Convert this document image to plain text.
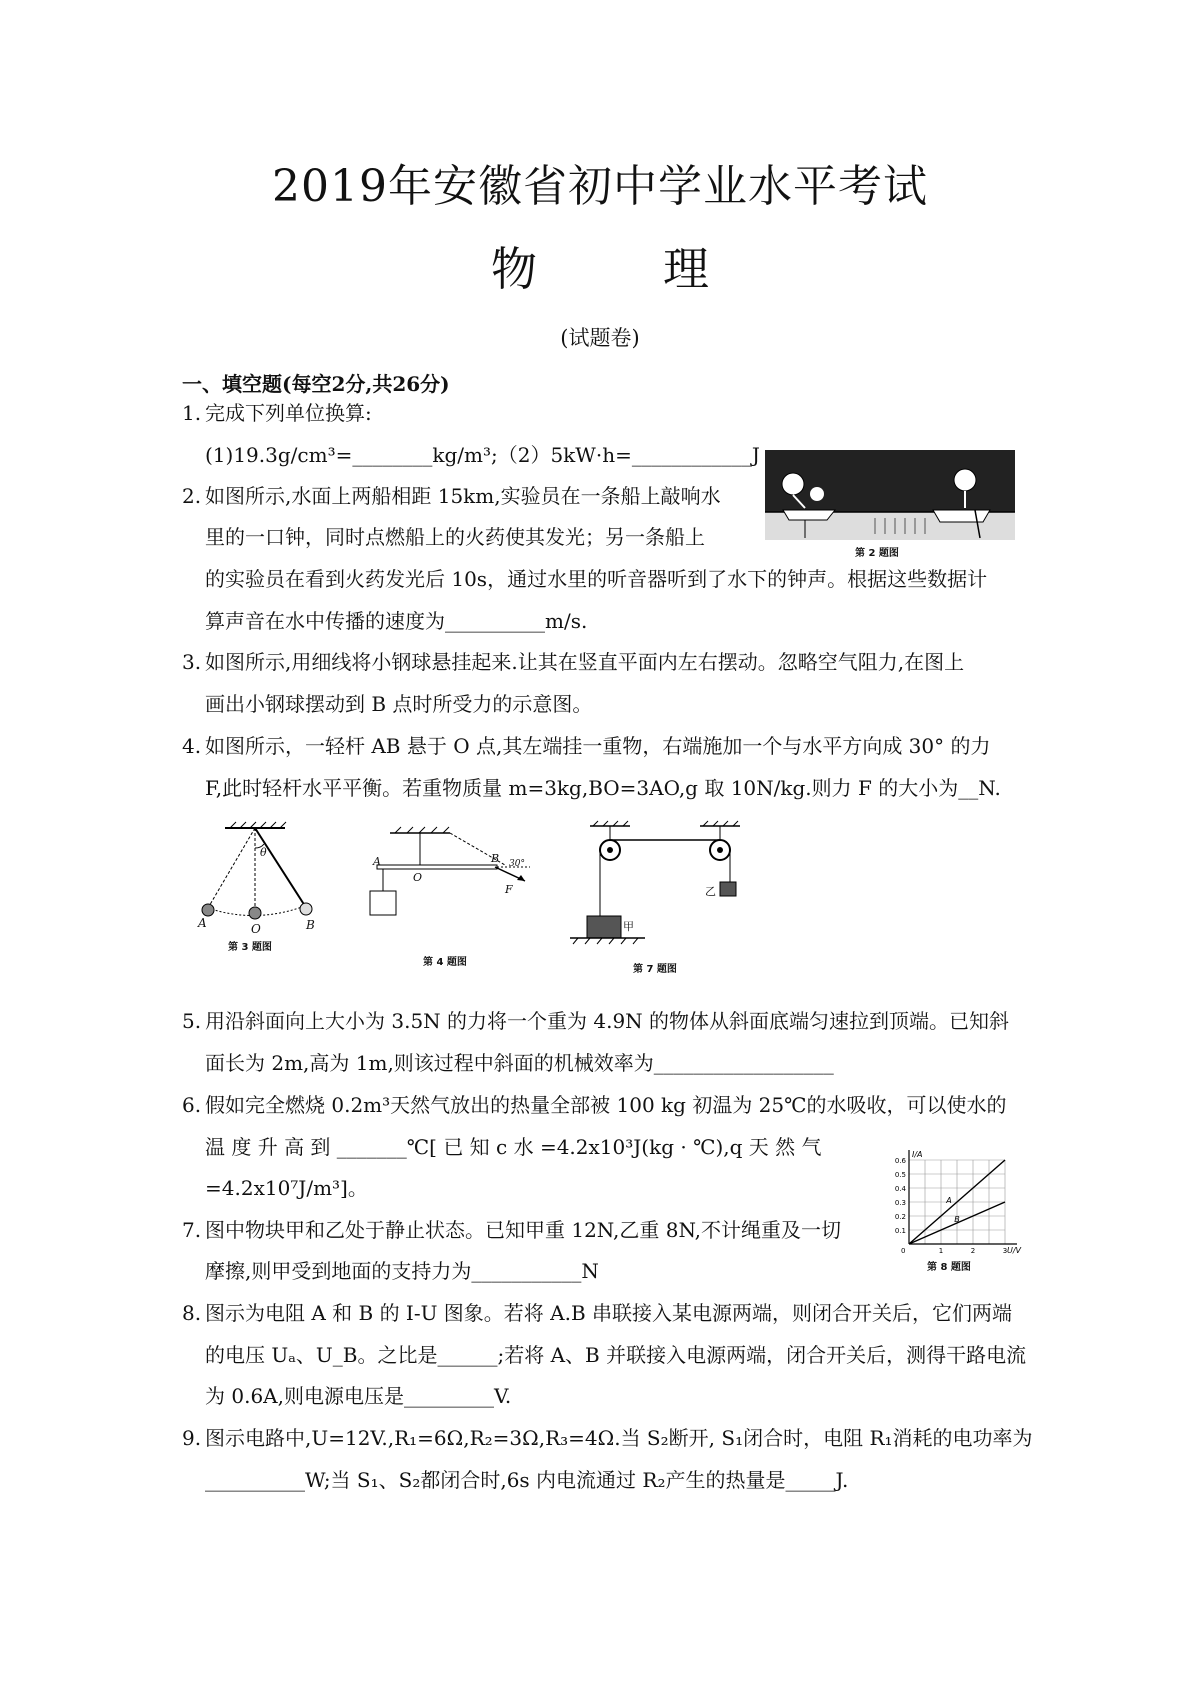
2019年安徽省初中学业水平考试
物　理
(试题卷)
一、填空题(每空2分,共26分)
1. 完成下列单位换算:
(1)19.3g/cm³=________kg/m³;（2）5kW·h=____________J
2. 如图所示,水面上两船相距 15km,实验员在一条船上敲响水
里的一口钟，同时点燃船上的火药使其发光；另一条船上
的实验员在看到火药发光后 10s，通过水里的听音器听到了水下的钟声。根据这些数据计
算声音在水中传播的速度为__________m/s.
第 2 题图
3. 如图所示,用细线将小钢球悬挂起来.让其在竖直平面内左右摆动。忽略空气阻力,在图上
画出小钢球摆动到 B 点时所受力的示意图。
4. 如图所示，一轻杆 AB 悬于 O 点,其左端挂一重物，右端施加一个与水平方向成 30° 的力
F,此时轻杆水平平衡。若重物质量 m=3kg,BO=3AO,g 取 10N/kg.则力 F 的大小为__N.
A	O	B
θ
第 3 题图
A
O
B 30°
F
第 4 题图
甲
乙
第 7 题图
5. 用沿斜面向上大小为 3.5N 的力将一个重为 4.9N 的物体从斜面底端匀速拉到顶端。已知斜
面长为 2m,高为 1m,则该过程中斜面的机械效率为__________________
6. 假如完全燃烧 0.2m³天然气放出的热量全部被 100 kg 初温为 25℃的水吸收，可以使水的
温 度 升 高 到 _______℃[ 已 知 c 水 =4.2x10³J(kg · ℃),q 天 然 气
=4.2x10⁷J/m³]。
7. 图中物块甲和乙处于静止状态。已知甲重 12N,乙重 8N,不计绳重及一切
摩擦,则甲受到地面的支持力为___________N
0.1
0.2
0.3
0.4
0.5
0.6
1	2	3
I/A
U/V
A
B
0
第 8 题图
8. 图示为电阻 A 和 B 的 I-U 图象。若将 A.B 串联接入某电源两端，则闭合开关后，它们两端
的电压 Uₐ、U_B。之比是______;若将 A、B 并联接入电源两端，闭合开关后，测得干路电流
为 0.6A,则电源电压是_________V.
9. 图示电路中,U=12V.,R₁=6Ω,R₂=3Ω,R₃=4Ω.当 S₂断开, S₁闭合时，电阻 R₁消耗的电功率为
__________W;当 S₁、S₂都闭合时,6s 内电流通过 R₂产生的热量是_____J.
